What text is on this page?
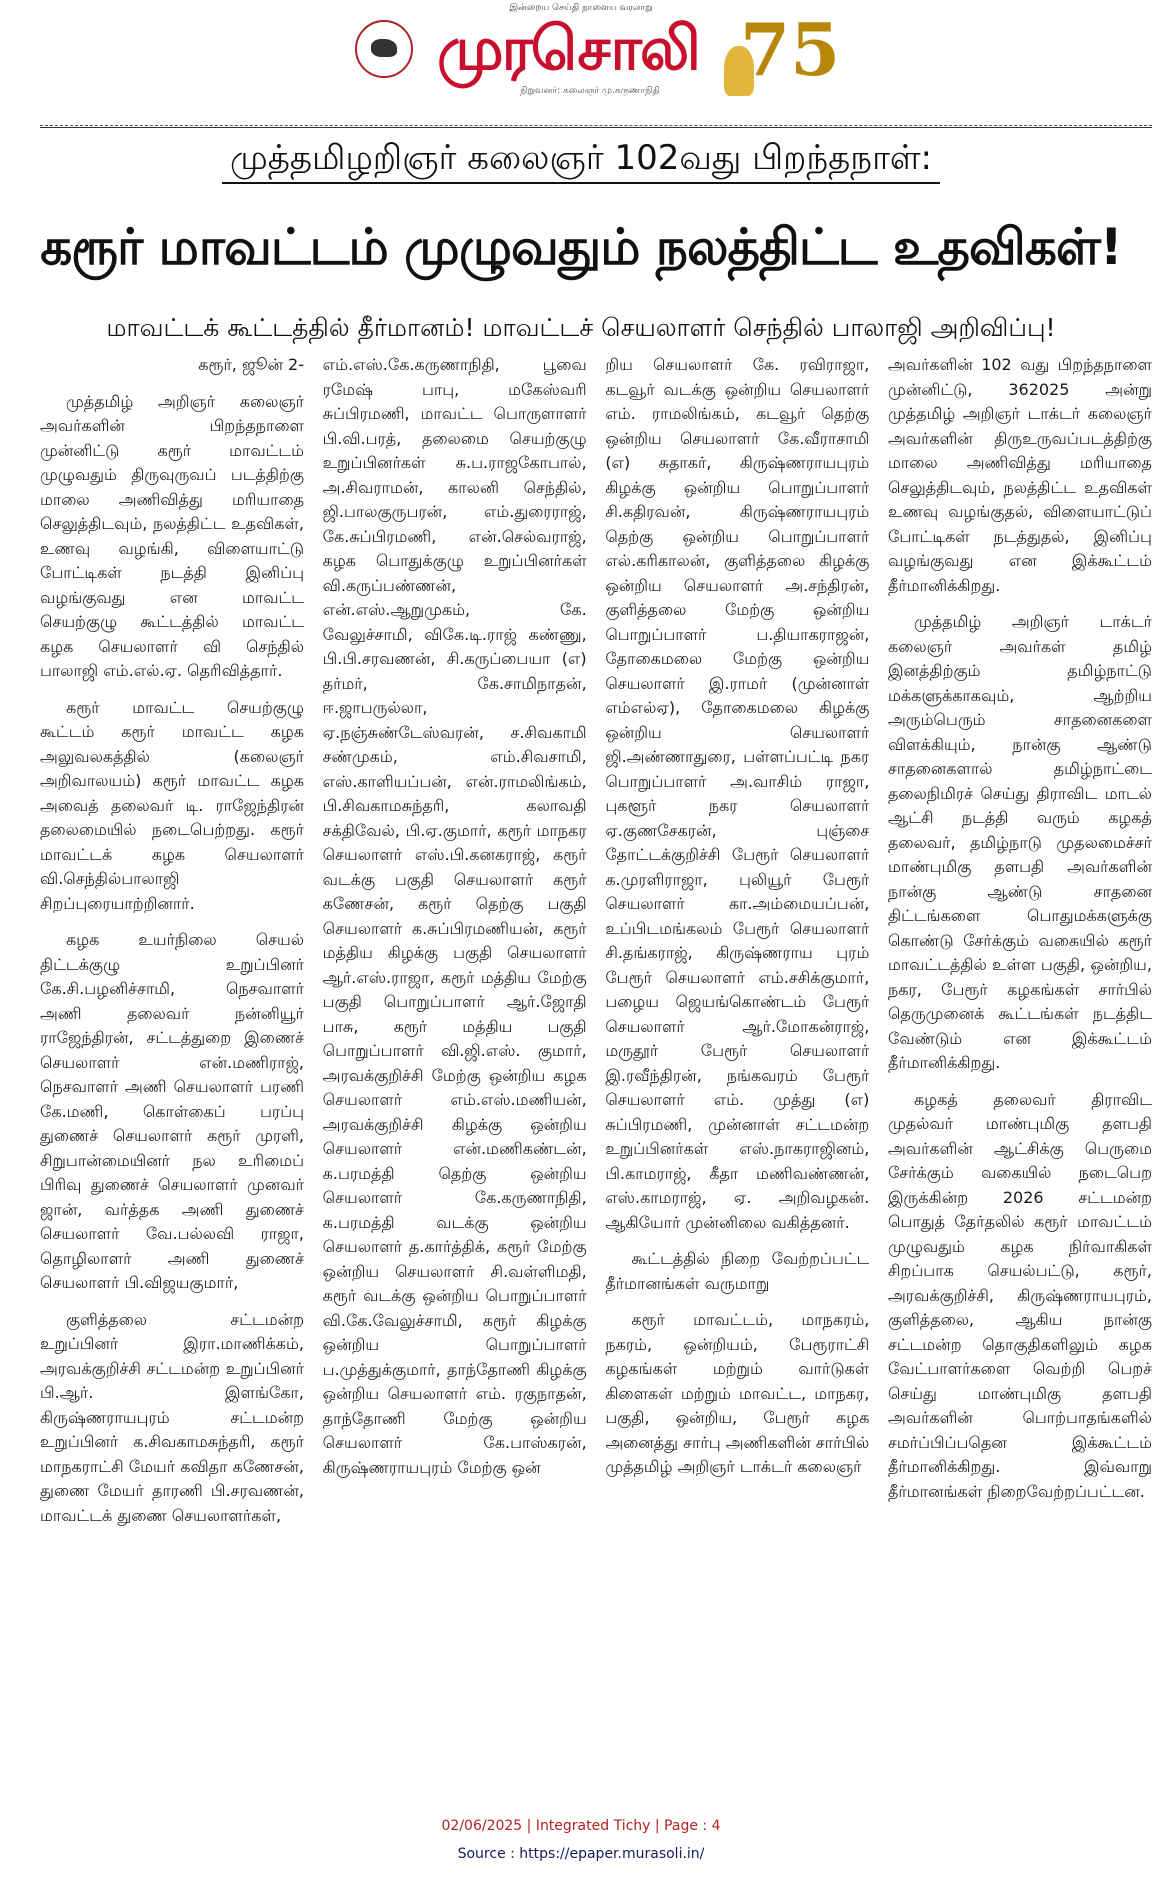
இன்றைய செய்தி நாளைய வரலாறு
முரசொலி
நிறுவனர்: கலைஞர் மு.கருணாநிதி 75
முத்தமிழறிஞர் கலைஞர் 102வது பிறந்தநாள்:
கரூர் மாவட்டம் முழுவதும் நலத்திட்ட உதவிகள்!
மாவட்டக் கூட்டத்தில் தீர்மானம்! மாவட்டச் செயலாளர் செந்தில் பாலாஜி அறிவிப்பு!

கரூர், ஜூன் 2-

முத்தமிழ் அறிஞர் கலைஞர் அவர்களின் பிறந்தநாளை முன்னிட்டு கரூர் மாவட்டம் முழுவதும் திருவுருவப் படத்திற்கு மாலை அணிவித்து மரியாதை செலுத்திடவும், நலத்திட்ட உதவிகள், உணவு வழங்கி, விளையாட்டு போட்டிகள் நடத்தி இனிப்பு வழங்குவது என மாவட்ட செயற்குழு கூட்டத்தில் மாவட்ட கழக செயலாளர் வி செந்தில் பாலாஜி எம்.எல்.ஏ. தெரிவித்தார்.

கரூர் மாவட்ட செயற்குழு கூட்டம் கரூர் மாவட்ட கழக அலுவலகத்தில் (கலைஞர் அறிவாலயம்) கரூர் மாவட்ட கழக அவைத் தலைவர் டி. ராஜேந்திரன் தலைமையில் நடைபெற்றது. கரூர் மாவட்டக் கழக செயலாளர் வி.செந்தில்பாலாஜி சிறப்புரையாற்றினார்.

கழக உயர்நிலை செயல் திட்டக்குழு உறுப்பினர் கே.சி.பழனிச்சாமி, நெசவாளர் அணி தலைவர் நன்னியூர் ராஜேந்திரன், சட்டத்துறை இணைச் செயலாளர் என்.மணிராஜ், நெசவாளர் அணி செயலாளர் பரணி கே.மணி, கொள்கைப் பரப்பு துணைச் செயலாளர் கரூர் முரளி, சிறுபான்மையினர் நல உரிமைப் பிரிவு துணைச் செயலாளர் முனவர் ஜான், வர்த்தக அணி துணைச் செயலாளர் வே.பல்லவி ராஜா, தொழிலாளர் அணி துணைச் செயலாளர் பி.விஜயகுமார்,

குளித்தலை சட்டமன்ற உறுப்பினர் இரா.மாணிக்கம், அரவக்குறிச்சி சட்டமன்ற உறுப்பினர் பி.ஆர். இளங்கோ, கிருஷ்ணராயபுரம் சட்டமன்ற உறுப்பினர் க.சிவகாமசுந்தரி, கரூர் மாநகராட்சி மேயர் கவிதா கணேசன், துணை மேயர் தாரணி பி.சரவணன், மாவட்டக் துணை செயலாளர்கள்,

எம்.எஸ்.கே.கருணாநிதி, பூவை ரமேஷ் பாபு, மகேஸ்வரி சுப்பிரமணி, மாவட்ட பொருளாளர் பி.வி.பரத், தலைமை செயற்குழு உறுப்பினர்கள் சு.ப.ராஜகோபால், அ.சிவராமன், காலனி செந்தில், ஜி.பாலகுருபரன், எம்.துரைராஜ், கே.சுப்பிரமணி, என்.செல்வராஜ், கழக பொதுக்குழு உறுப்பினர்கள் வி.கருப்பண்ணன், என்.எஸ்.ஆறுமுகம், கே. வேலுச்சாமி, விகே.டி.ராஜ் கண்ணு, பி.பி.சரவணன், சி.கருப்பையா (எ) தர்மர், கே.சாமிநாதன், ஈ.ஜாபருல்லா, ஏ.நஞ்சுண்டேஸ்வரன், ச.சிவகாமி சண்முகம், எம்.சிவசாமி, எஸ்.காளியப்பன், என்.ராமலிங்கம், பி.சிவகாமசுந்தரி, கலாவதி சக்திவேல், பி.ஏ.குமார், கரூர் மாநகர செயலாளர் எஸ்.பி.கனகராஜ், கரூர் வடக்கு பகுதி செயலாளர் கரூர் கணேசன், கரூர் தெற்கு பகுதி செயலாளர் க.சுப்பிரமணியன், கரூர் மத்திய கிழக்கு பகுதி செயலாளர் ஆர்.எஸ்.ராஜா, கரூர் மத்திய மேற்கு பகுதி பொறுப்பாளர் ஆர்.ஜோதி பாசு, கரூர் மத்திய பகுதி பொறுப்பாளர் வி.ஜி.எஸ். குமார், அரவக்குறிச்சி மேற்கு ஒன்றிய கழக செயலாளர் எம்.எஸ்.மணியன், அரவக்குறிச்சி கிழக்கு ஒன்றிய செயலாளர் என்.மணிகண்டன், க.பரமத்தி தெற்கு ஒன்றிய செயலாளர் கே.கருணாநிதி, க.பரமத்தி வடக்கு ஒன்றிய செயலாளர் த.கார்த்திக், கரூர் மேற்கு ஒன்றிய செயலாளர் சி.வள்ளிமதி, கரூர் வடக்கு ஒன்றிய பொறுப்பாளர் வி.கே.வேலுச்சாமி, கரூர் கிழக்கு ஒன்றிய பொறுப்பாளர் ப.முத்துக்குமார், தாந்தோணி கிழக்கு ஒன்றிய செயலாளர் எம். ரகுநாதன், தாந்தோணி மேற்கு ஒன்றிய செயலாளர் கே.பாஸ்கரன், கிருஷ்ணராயபுரம் மேற்கு ஒன்

றிய செயலாளர் கே. ரவிராஜா, கடவூர் வடக்கு ஒன்றிய செயலாளர் எம். ராமலிங்கம், கடவூர் தெற்கு ஒன்றிய செயலாளர் கே.வீராசாமி (எ) சுதாகர், கிருஷ்ணராயபுரம் கிழக்கு ஒன்றிய பொறுப்பாளர் சி.கதிரவன், கிருஷ்ணராயபுரம் தெற்கு ஒன்றிய பொறுப்பாளர் எல்.கரிகாலன், குளித்தலை கிழக்கு ஒன்றிய செயலாளர் அ.சந்திரன், குளித்தலை மேற்கு ஒன்றிய பொறுப்பாளர் ப.தியாகராஜன், தோகைமலை மேற்கு ஒன்றிய செயலாளர் இ.ராமர் (முன்னாள் எம்எல்ஏ), தோகைமலை கிழக்கு ஒன்றிய செயலாளர் ஜி.அண்ணாதுரை, பள்ளப்பட்டி நகர பொறுப்பாளர் அ.வாசிம் ராஜா, புகளூர் நகர செயலாளர் ஏ.குணசேகரன், புஞ்சை தோட்டக்குறிச்சி பேரூர் செயலாளர் க.முரளிராஜா, புலியூர் பேரூர் செயலாளர் கா.அம்மையப்பன், உப்பிடமங்கலம் பேரூர் செயலாளர் சி.தங்கராஜ், கிருஷ்ணராய புரம் பேரூர் செயலாளர் எம்.சசிக்குமார், பழைய ஜெயங்கொண்டம் பேரூர் செயலாளர் ஆர்.மோகன்ராஜ், மருதூர் பேரூர் செயலாளர் இ.ரவீந்திரன், நங்கவரம் பேரூர் செயலாளர் எம். முத்து (எ) சுப்பிரமணி, முன்னாள் சட்டமன்ற உறுப்பினர்கள் எஸ்.நாகராஜினம், பி.காமராஜ், கீதா மணிவண்ணன், எஸ்.காமராஜ், ஏ. அறிவழகன். ஆகியோர் முன்னிலை வகித்தனர்.

கூட்டத்தில் நிறை வேற்றப்பட்ட தீர்மானங்கள் வருமாறு

கரூர் மாவட்டம், மாநகரம், நகரம், ஒன்றியம், பேரூராட்சி கழகங்கள் மற்றும் வார்டுகள் கிளைகள் மற்றும் மாவட்ட, மாநகர, பகுதி, ஒன்றிய, பேரூர் கழக அனைத்து சார்பு அணிகளின் சார்பில் முத்தமிழ் அறிஞர் டாக்டர் கலைஞர்

அவர்களின் 102 வது பிறந்தநாளை முன்னிட்டு, 362025 அன்று முத்தமிழ் அறிஞர் டாக்டர் கலைஞர் அவர்களின் திருஉருவப்படத்திற்கு மாலை அணிவித்து மரியாதை செலுத்திடவும், நலத்திட்ட உதவிகள் உணவு வழங்குதல், விளையாட்டுப் போட்டிகள் நடத்துதல், இனிப்பு வழங்குவது என இக்கூட்டம் தீர்மானிக்கிறது.

முத்தமிழ் அறிஞர் டாக்டர் கலைஞர் அவர்கள் தமிழ் இனத்திற்கும் தமிழ்நாட்டு மக்களுக்காகவும், ஆற்றிய அரும்பெரும் சாதனைகளை விளக்கியும், நான்கு ஆண்டு சாதனைகளால் தமிழ்நாட்டை தலைநிமிரச் செய்து திராவிட மாடல் ஆட்சி நடத்தி வரும் கழகத் தலைவர், தமிழ்நாடு முதலமைச்சர் மாண்புமிகு தளபதி அவர்களின் நான்கு ஆண்டு சாதனை திட்டங்களை பொதுமக்களுக்கு கொண்டு சேர்க்கும் வகையில் கரூர் மாவட்டத்தில் உள்ள பகுதி, ஒன்றிய, நகர, பேரூர் கழகங்கள் சார்பில் தெருமுனைக் கூட்டங்கள் நடத்திட வேண்டும் என இக்கூட்டம் தீர்மானிக்கிறது.

கழகத் தலைவர் திராவிட முதல்வர் மாண்புமிகு தளபதி அவர்களின் ஆட்சிக்கு பெருமை சேர்க்கும் வகையில் நடைபெற இருக்கின்ற 2026 சட்டமன்ற பொதுத் தேர்தலில் கரூர் மாவட்டம் முழுவதும் கழக நிர்வாகிகள் சிறப்பாக செயல்பட்டு, கரூர், அரவக்குறிச்சி, கிருஷ்ணராயபுரம், குளித்தலை, ஆகிய நான்கு சட்டமன்ற தொகுதிகளிலும் கழக வேட்பாளர்களை வெற்றி பெறச் செய்து மாண்புமிகு தளபதி அவர்களின் பொற்பாதங்களில் சமர்ப்பிப்பதென இக்கூட்டம் தீர்மானிக்கிறது. இவ்வாறு தீர்மானங்கள் நிறைவேற்றப்பட்டன.

02/06/2025 | Integrated Tichy | Page : 4
Source : https://epaper.murasoli.in/
